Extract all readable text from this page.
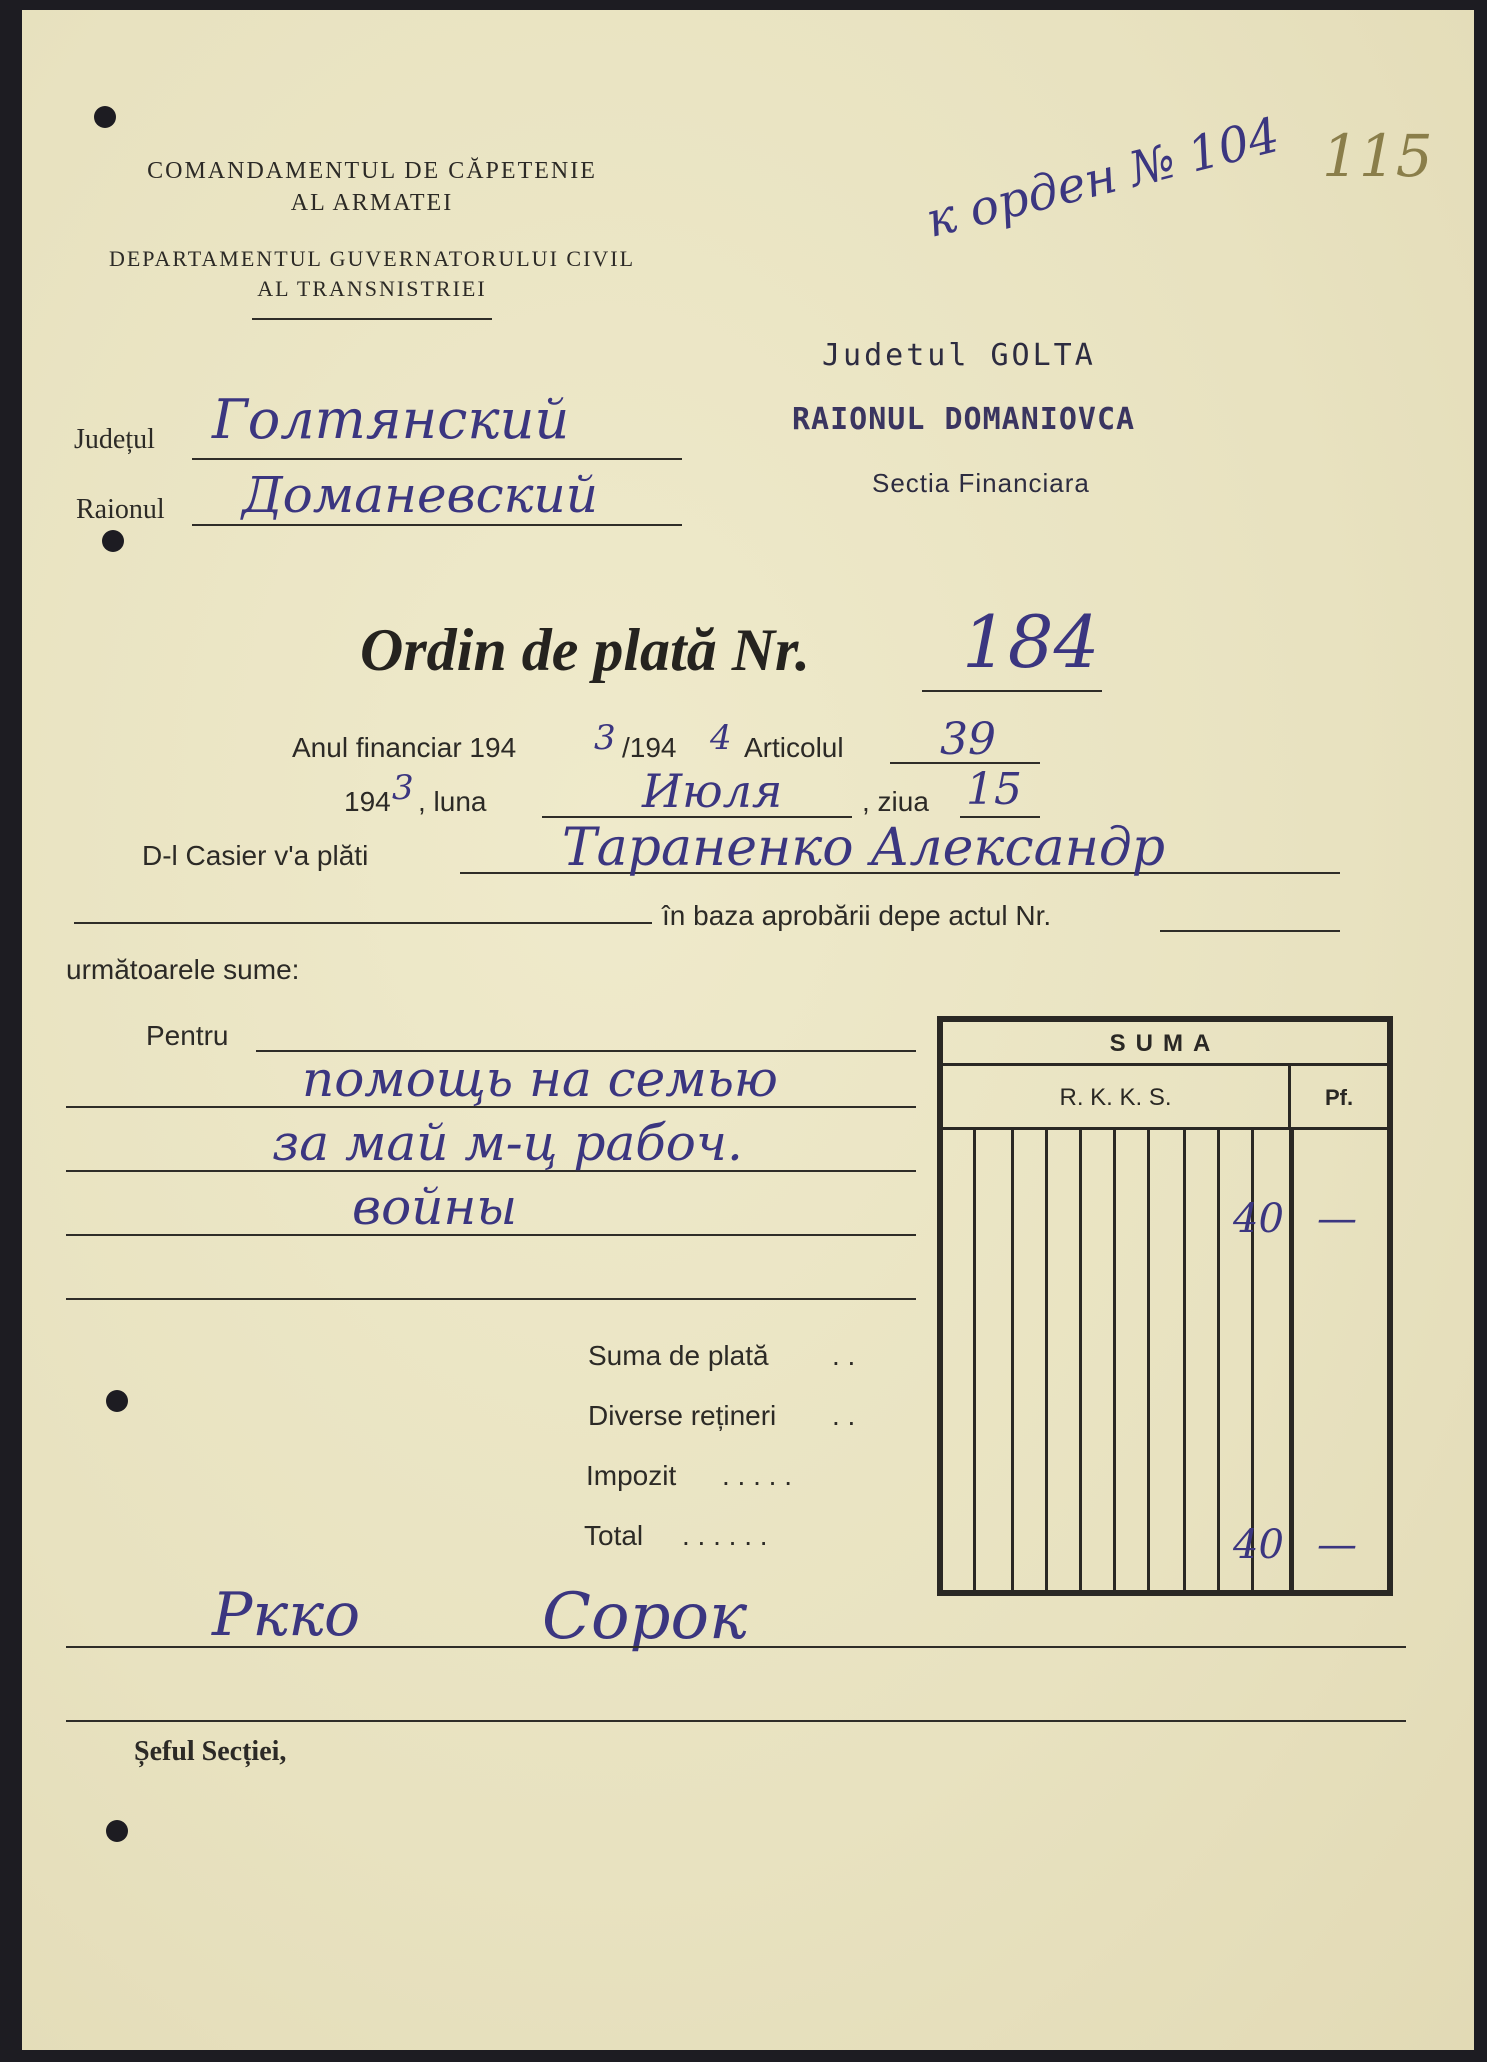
COMANDAMENTUL DE CĂPETENIE
AL ARMATEI
DEPARTAMENTUL GUVERNATORULUI CIVIL
AL TRANSNISTRIEI
к орден № 104 115
Judetul GOLTA
RAIONUL DOMANIOVCA
Sectia Financiara
Județul Голтянский
Raionul Доманевский
Ordin de plată Nr. 184
Anul financiar 194 3 /194 4 Articolul 39
194 3 , luna	Июля	, ziua 15
D-l Casier v'a plăti	Тараненко Александр
în baza aprobării depe actul Nr.
următoarele sume:
Pentru
помощь на семью
за май м-ц рабоч.
войны
Suma de plată . .
Diverse rețineri . .
Impozit . . . . .
Total . . . . . .
SUMA
R. K. K. S.	Pf.
40 —
40 —
Ркко	Сорок
Șeful Secției,
